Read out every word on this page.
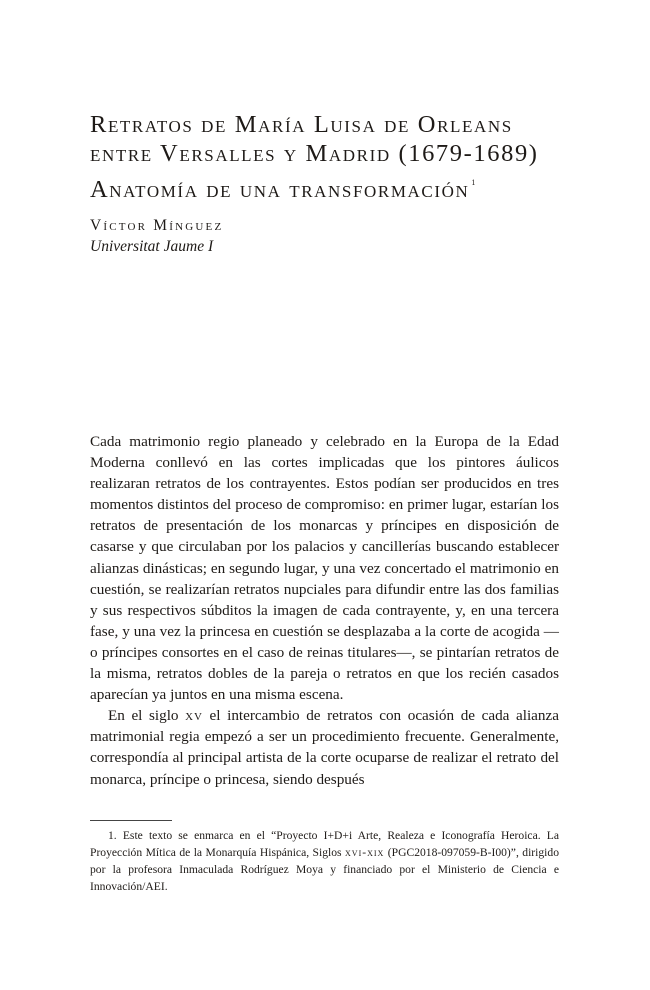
Retratos de María Luisa de Orleans
entre Versalles y Madrid (1679-1689)
Anatomía de una transformación $^1$
Víctor Mínguez
Universitat Jaume I

Cada matrimonio regio planeado y celebrado en la Europa de la Edad Moderna conllevó en las cortes implicadas que los pintores áulicos realizaran retratos de los contrayentes. Estos podían ser producidos en tres momentos distintos del proceso de compromiso: en primer lugar, estarían los retratos de presentación de los monarcas y príncipes en disposición de casarse y que circulaban por los palacios y cancillerías buscando establecer alianzas dinásticas; en segundo lugar, y una vez concertado el matrimonio en cuestión, se realizarían retratos nupciales para difundir entre las dos familias y sus respectivos súbditos la imagen de cada contrayente, y, en una tercera fase, y una vez la princesa en cuestión se desplazaba a la corte de acogida —o príncipes consortes en el caso de reinas titulares—, se pintarían retratos de la misma, retratos dobles de la pareja o retratos en que los recién casados aparecían ya juntos en una misma escena.

En el siglo xv el intercambio de retratos con ocasión de cada alianza matrimonial regia empezó a ser un procedimiento frecuente. Generalmente, correspondía al principal artista de la corte ocuparse de realizar el retrato del monarca, príncipe o princesa, siendo después

1. Este texto se enmarca en el “Proyecto I+D+i Arte, Realeza e Iconografía Heroica. La Proyección Mítica de la Monarquía Hispánica, Siglos xvi-xix (PGC2018-097059-B-I00)”, dirigido por la profesora Inmaculada Rodríguez Moya y financiado por el Ministerio de Ciencia e Innovación/AEI.
